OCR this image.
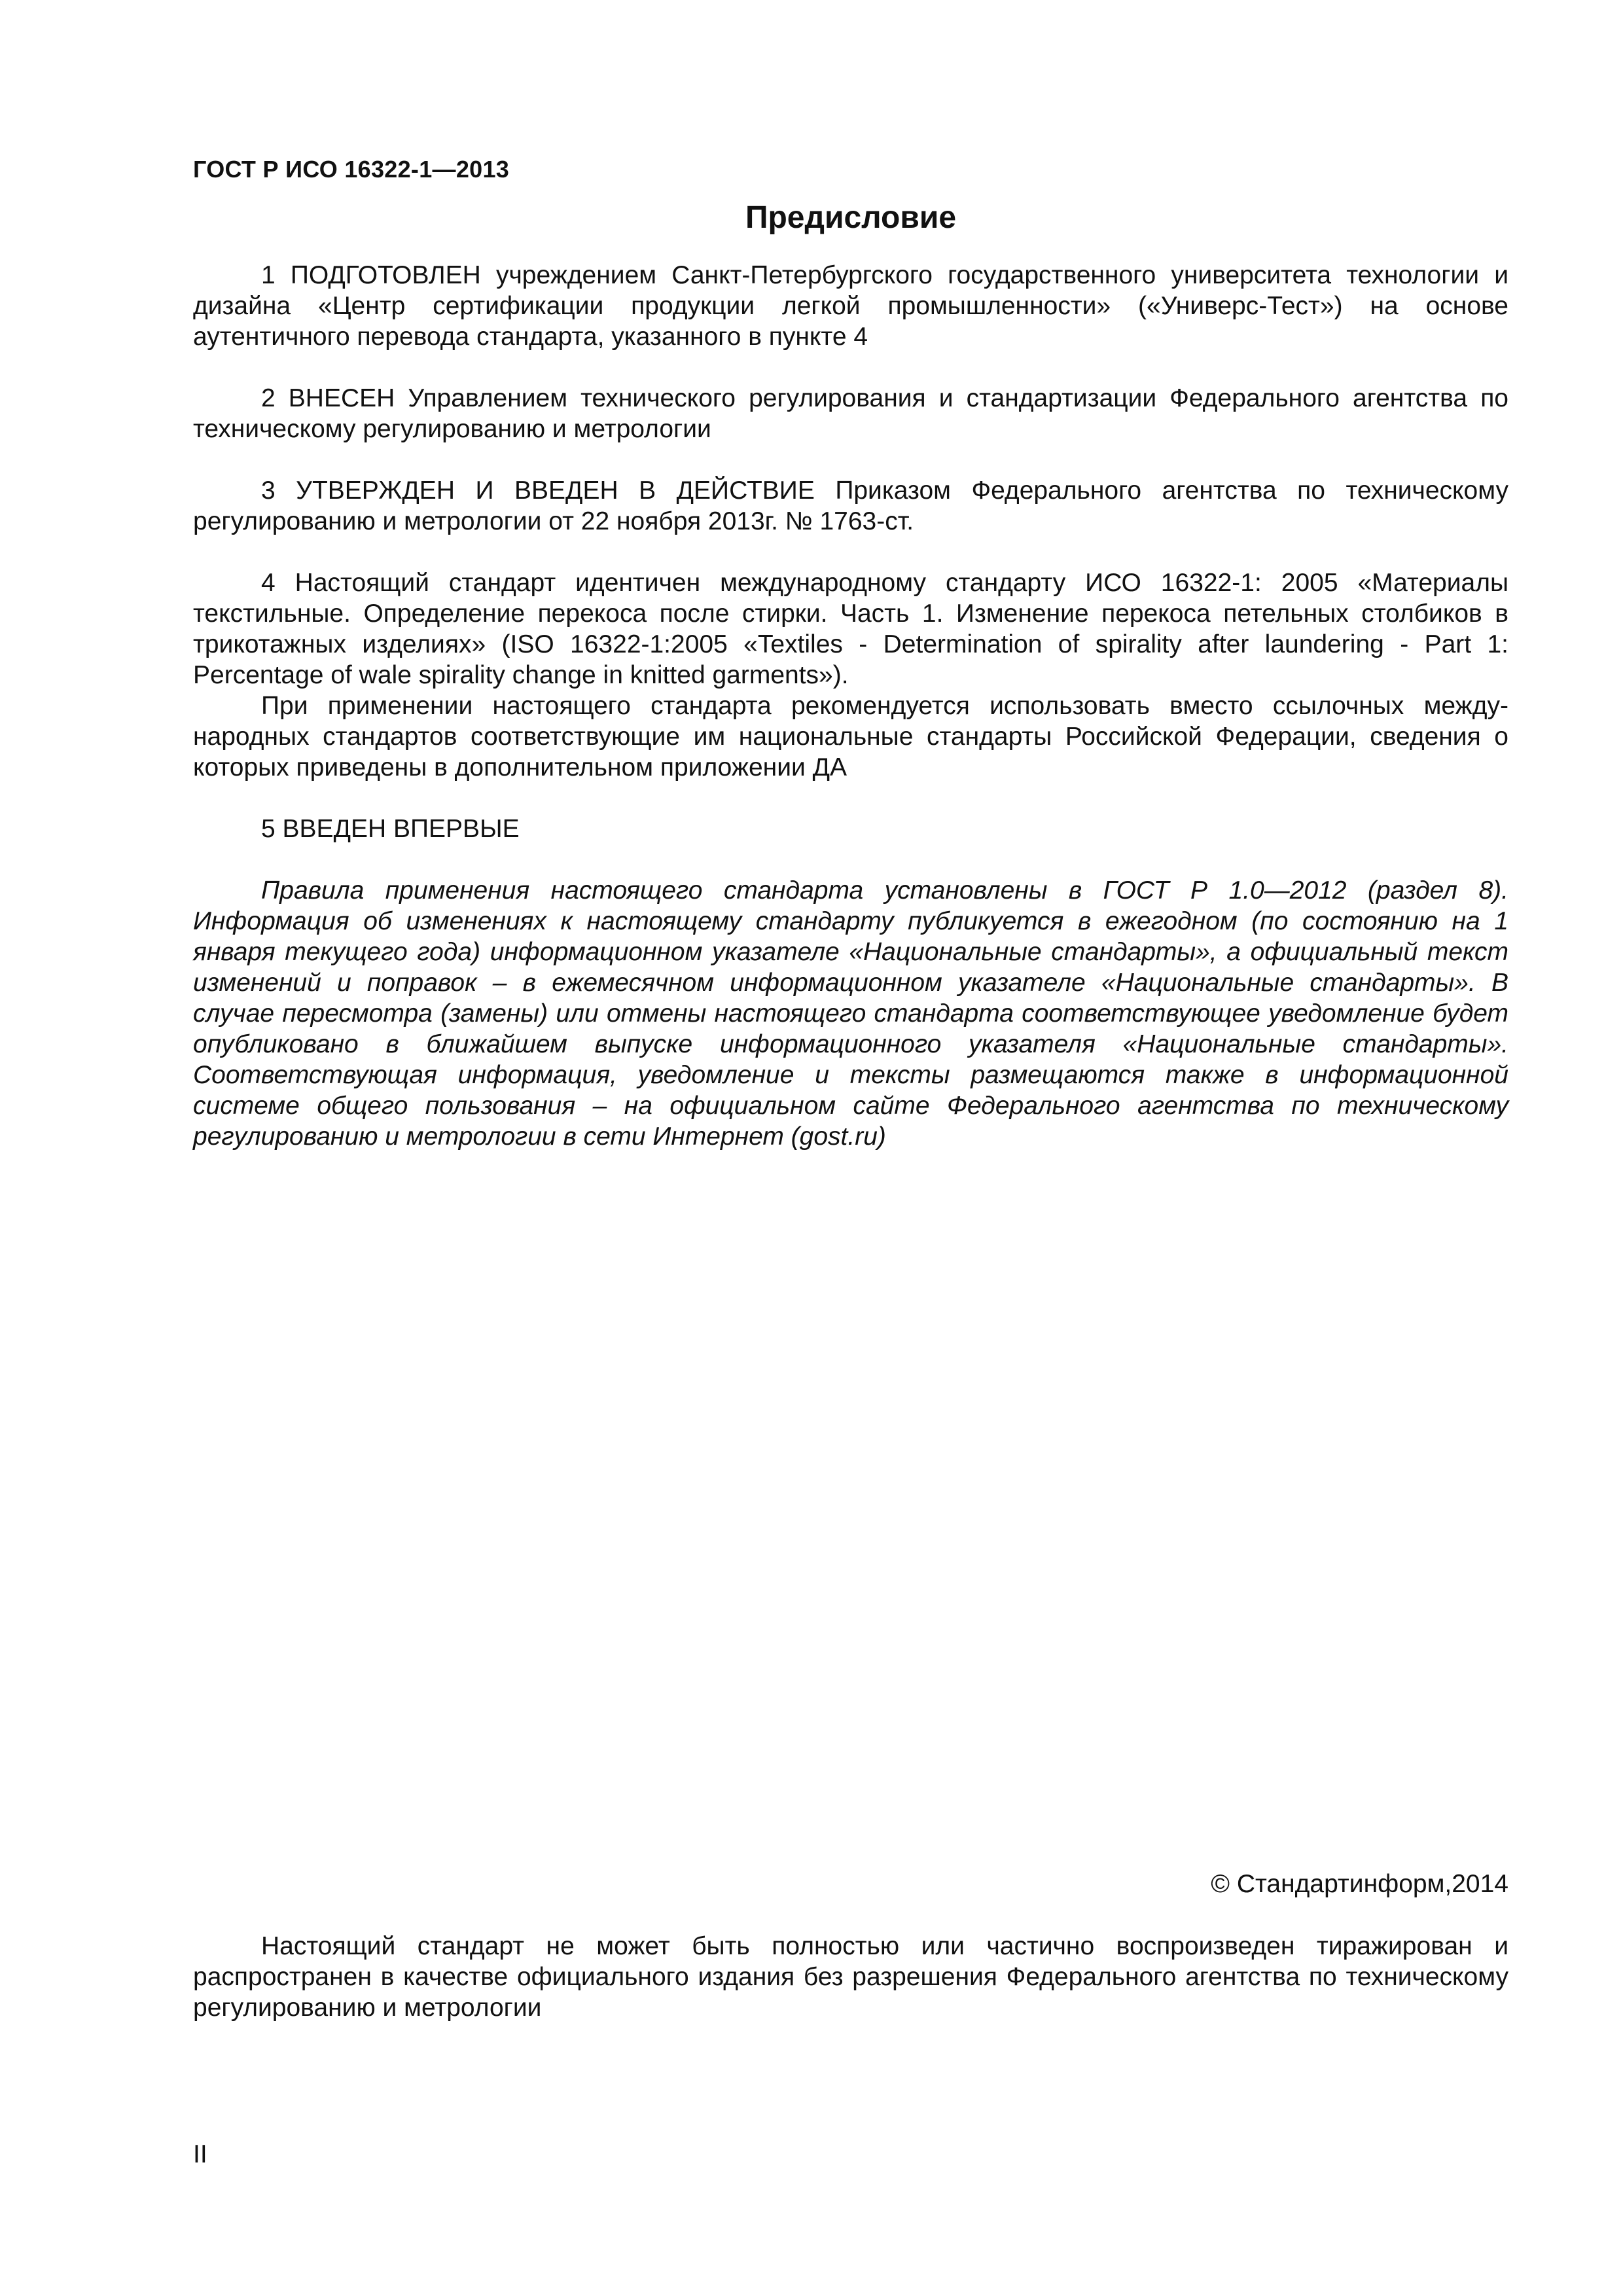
ГОСТ Р ИСО 16322-1—2013
Предисловие

1 ПОДГОТОВЛЕН учреждением Санкт-Петербургского государственного университета технологии и дизайна «Центр сертификации продукции легкой промышленности» («Универс-Тест») на основе аутентичного перевода стандарта, указанного в пункте 4

2 ВНЕСЕН Управлением технического регулирования и стандартизации Федерального агентства по техническому регулированию и метрологии

3 УТВЕРЖДЕН И ВВЕДЕН В ДЕЙСТВИЕ Приказом Федерального агентства по техническому регулированию и метрологии от 22 ноября 2013г. № 1763-ст.

4 Настоящий стандарт идентичен международному стандарту ИСО 16322-1: 2005 «Материалы текстильные. Определение перекоса после стирки. Часть 1. Изменение перекоса петельных столбиков в трикотажных изделиях» (ISO 16322-1:2005 «Textiles - Determination of spirality after laundering - Part 1: Percentage of wale spirality change in knitted garments»).

При применении настоящего стандарта рекомендуется использовать вместо ссылочных международных стандартов соответствующие им национальные стандарты Российской Федерации, сведения о которых приведены в дополнительном приложении ДА

5 ВВЕДЕН ВПЕРВЫЕ

Правила применения настоящего стандарта установлены в ГОСТ Р 1.0—2012 (раздел 8). Информация об изменениях к настоящему стандарту публикуется в ежегодном (по состоянию на 1 января текущего года) информационном указателе «Национальные стандарты», а официальный текст изменений и поправок – в ежемесячном информационном указателе «Национальные стандарты». В случае пересмотра (замены) или отмены настоящего стандарта соответствующее уведомление будет опубликовано в ближайшем выпуске информационного указателя «Национальные стандарты». Соответствующая информация, уведомление и тексты размещаются также в информационной системе общего пользования – на официальном сайте Федерального агентства по техническому регулированию и метрологии в сети Интернет (gost.ru)

© Стандартинформ,2014

Настоящий стандарт не может быть полностью или частично воспроизведен тиражирован и распространен в качестве официального издания без разрешения Федерального агентства по техническому регулированию и метрологии

II
